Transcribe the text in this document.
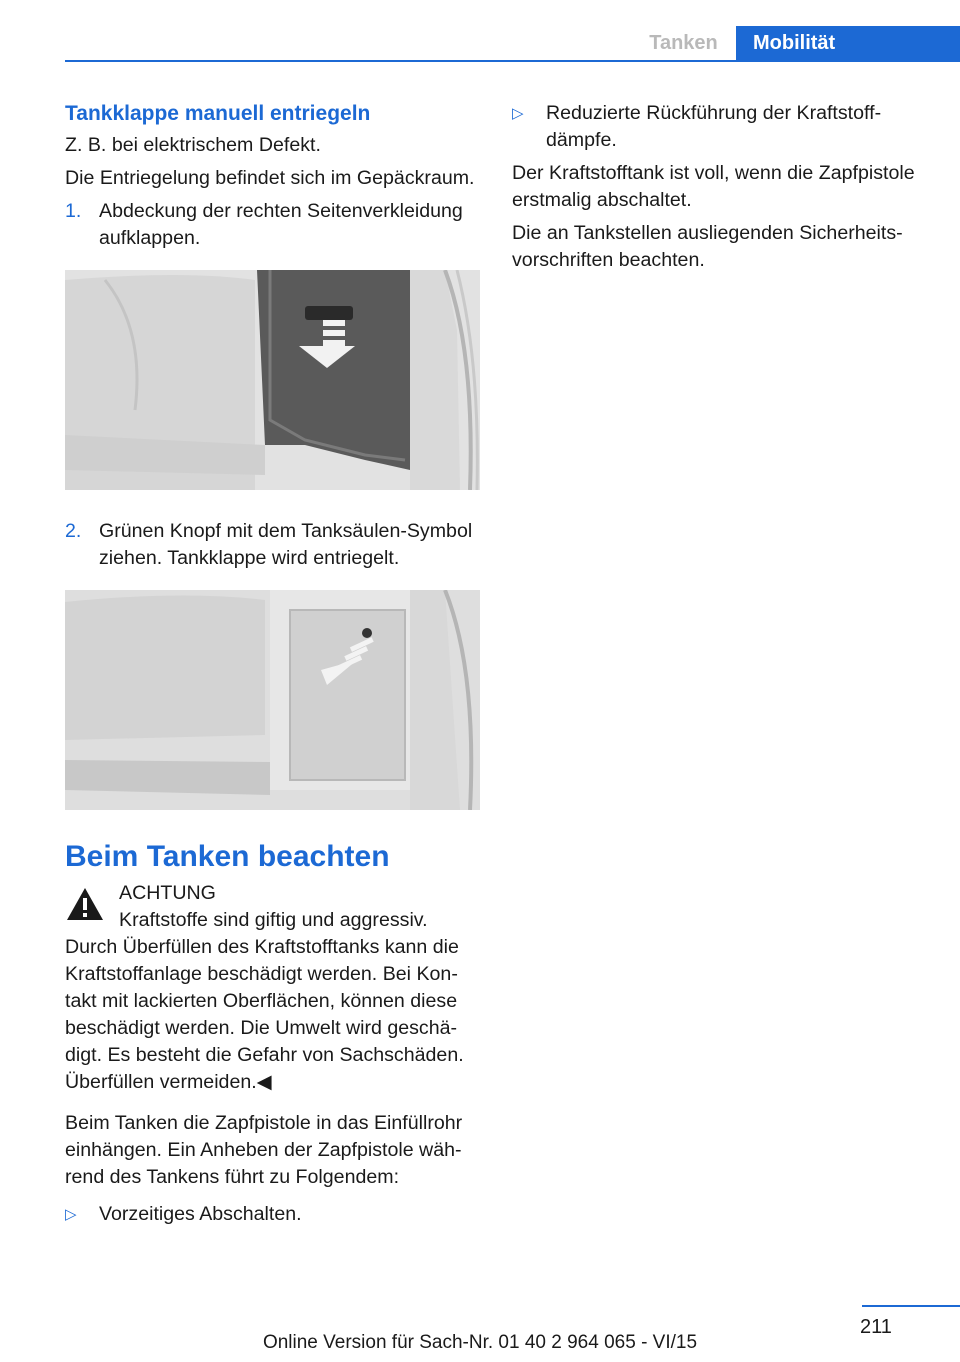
Tanken	Mobilität
Tankklappe manuell entriegeln

Z. B. bei elektrischem Defekt.

Die Entriegelung befindet sich im Gepäckraum.

1. Abdeckung der rechten Seitenverkleidung aufklappen.
2. Grünen Knopf mit dem Tanksäulen-Symbol ziehen. Tankklappe wird entriegelt.
Beim Tanken beachten
ACHTUNG
Kraftstoffe sind giftig und aggressiv.

Durch Überfüllen des Kraftstofftanks kann die Kraftstoffanlage beschädigt werden. Bei Kontakt mit lackierten Oberflächen, können diese beschädigt werden. Die Umwelt wird geschädigt. Es besteht die Gefahr von Sachschäden. Überfüllen vermeiden.◀

Beim Tanken die Zapfpistole in das Einfüllrohr einhängen. Ein Anheben der Zapfpistole während des Tankens führt zu Folgendem:

▷	Vorzeitiges Abschalten.
▷	Reduzierte Rückführung der Kraftstoffdämpfe.

Der Kraftstofftank ist voll, wenn die Zapfpistole erstmalig abschaltet.

Die an Tankstellen ausliegenden Sicherheitsvorschriften beachten.

211
Online Version für Sach-Nr. 01 40 2 964 065 - VI/15
